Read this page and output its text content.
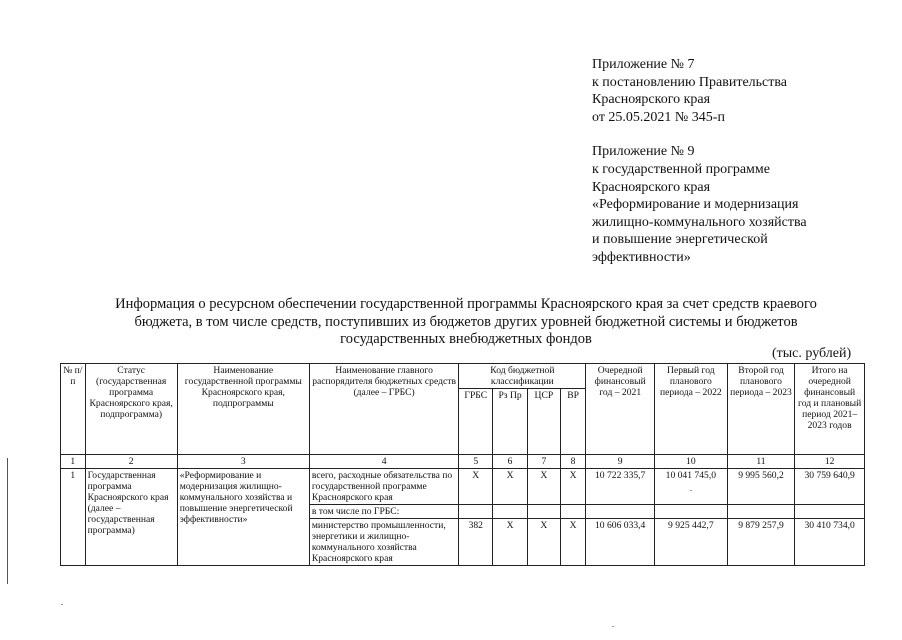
Приложение № 7
к постановлению Правительства
Красноярского края
от 25.05.2021 № 345-п
Приложение № 9
к государственной программе
Красноярского края
«Реформирование и модернизация
жилищно-коммунального хозяйства
и повышение энергетической
эффективности»
Информация о ресурсном обеспечении государственной программы Красноярского края за счет средств краевого
бюджета, в том числе средств, поступивших из бюджетов других уровней бюджетной системы и бюджетов
государственных внебюджетных фондов
(тыс. рублей)
№ п/п	Статус (государственная программа Красноярского края, подпрограмма)	Наименование государственной программы Красноярского края, подпрограммы	Наименование главного распорядителя бюджетных средств (далее – ГРБС)	Код бюджетной классификации				Очередной финансовый год – 2021	Первый год планового периода – 2022	Второй год планового периода – 2023	Итого на очередной финансовый год и плановый период 2021–2023 годов
				ГРБС	Рз Пр	ЦСР	ВР				
1	2	3	4	5	6	7	8	9	10	11	12
1	Государственная программа Красноярского края (далее – государственная программа)	«Реформирование и модернизация жилищно-коммунального хозяйства и повышение энергетической эффективности»	всего, расходные обязательства по государственной программе Красноярского края	X	X	X	X	10 722 335,7	10 041 745,0	9 995 560,2	30 759 640,9
			в том числе по ГРБС:								
			министерство промышленности, энергетики и жилищно-коммунального хозяйства Красноярского края	382	X	X	X	10 606 033,4	9 925 442,7	9 879 257,9	30 410 734,0
